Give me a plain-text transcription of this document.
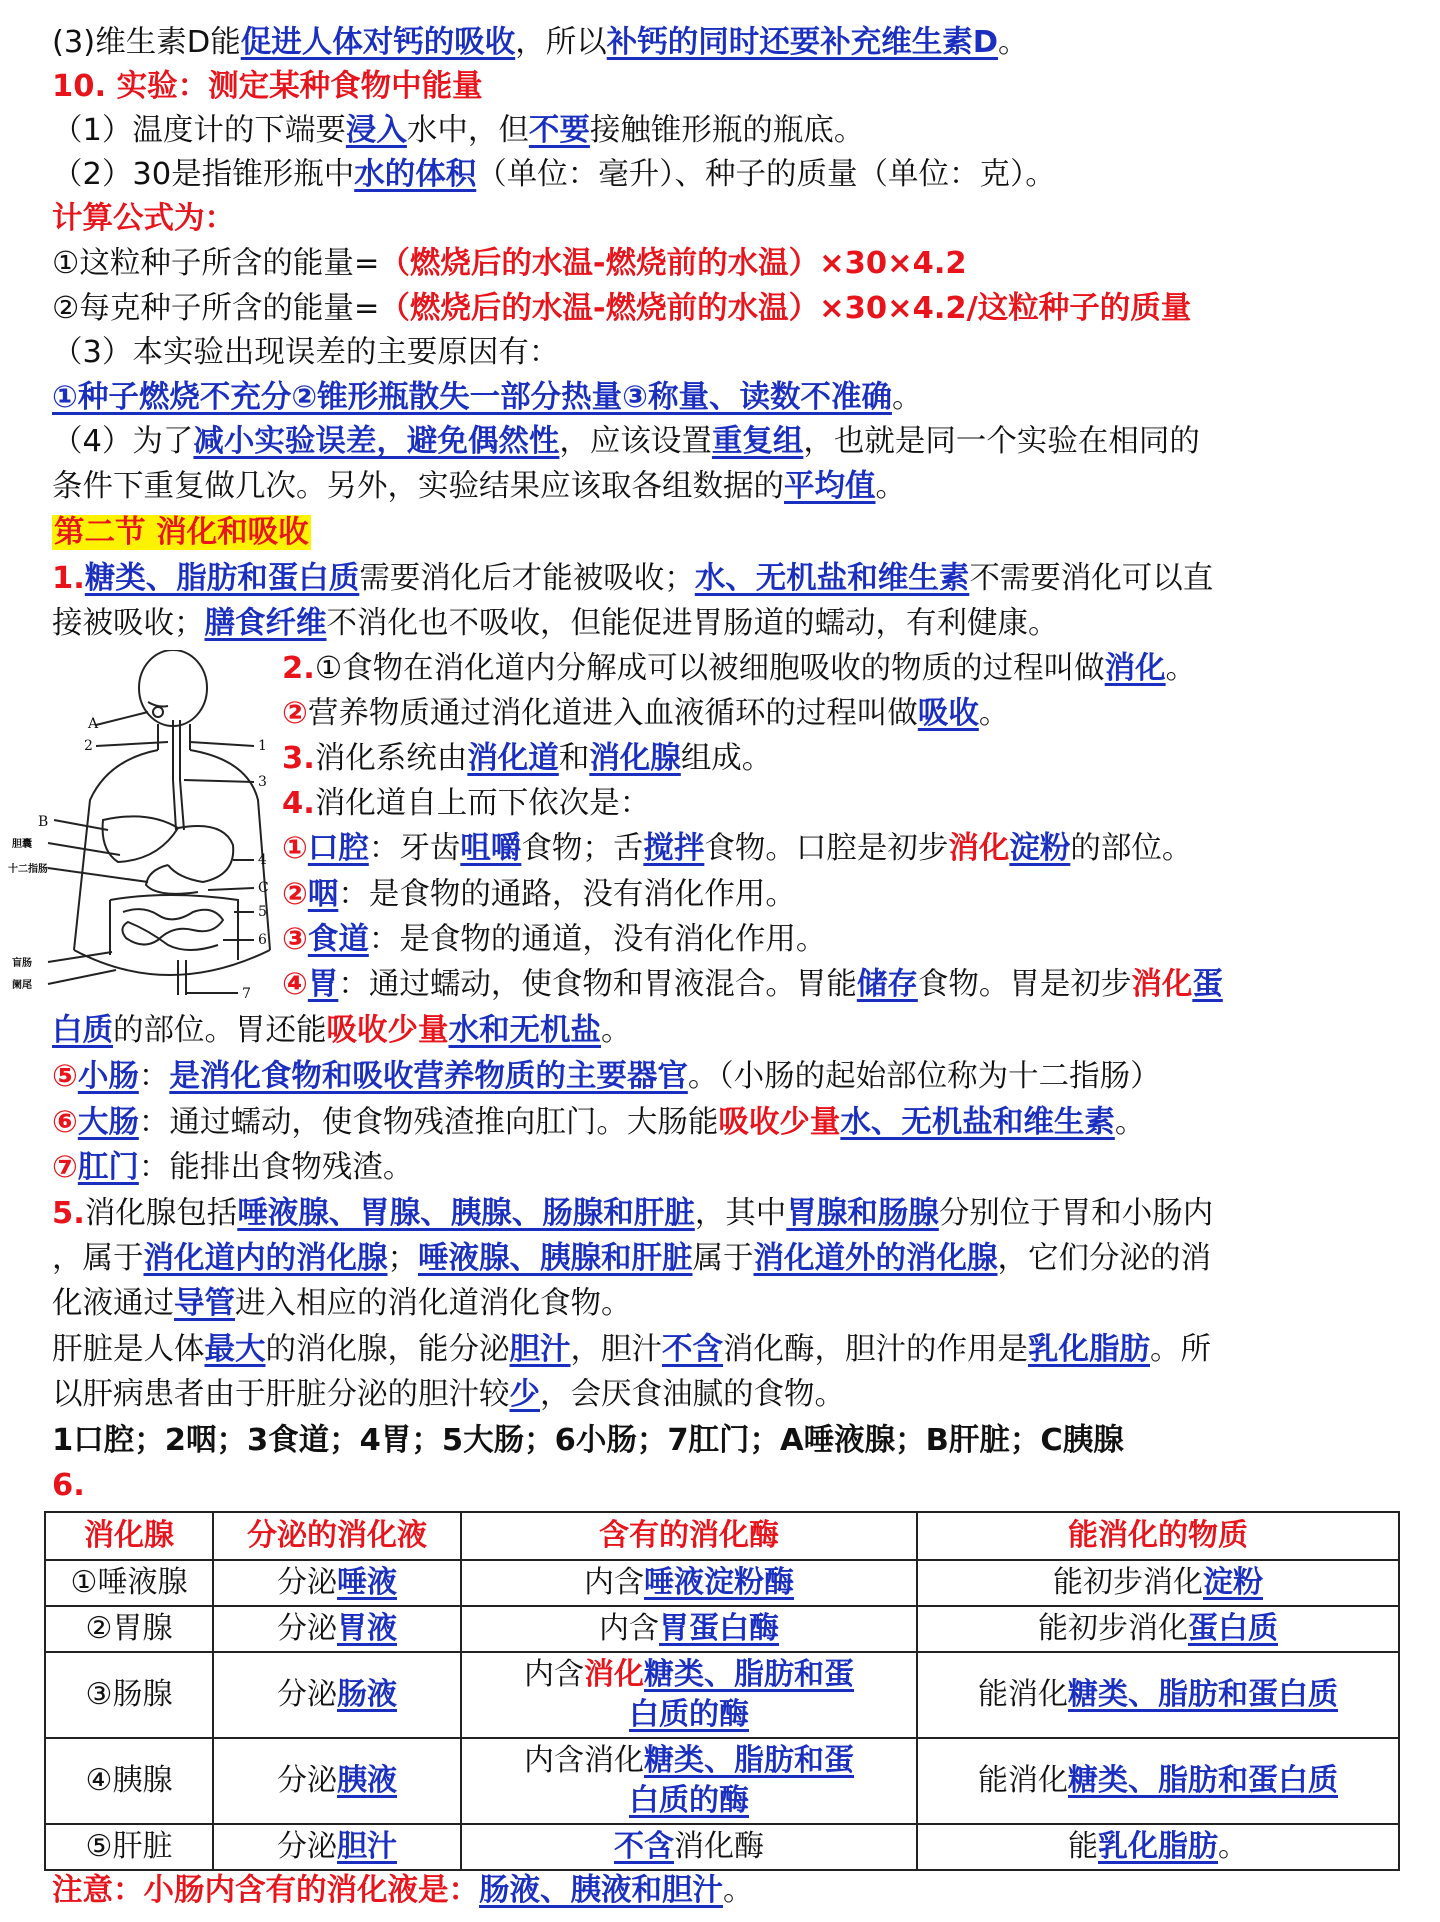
(3)维生素D能促进人体对钙的吸收，所以补钙的同时还要补充维生素D。
10. 实验：测定某种食物中能量
（1）温度计的下端要浸入水中，但不要接触锥形瓶的瓶底。
（2）30是指锥形瓶中水的体积（单位：毫升）、种子的质量（单位：克）。
计算公式为：
①这粒种子所含的能量=（燃烧后的水温-燃烧前的水温）×30×4.2
②每克种子所含的能量=（燃烧后的水温-燃烧前的水温）×30×4.2/这粒种子的质量
（3）本实验出现误差的主要原因有：
①种子燃烧不充分②锥形瓶散失一部分热量③称量、读数不准确。
（4）为了减小实验误差，避免偶然性，应该设置重复组，也就是同一个实验在相同的
条件下重复做几次。另外，实验结果应该取各组数据的平均值。
第二节 消化和吸收
1.糖类、脂肪和蛋白质需要消化后才能被吸收；水、无机盐和维生素不需要消化可以直
接被吸收；膳食纤维不消化也不吸收，但能促进胃肠道的蠕动，有利健康。
A
2	1
3
B
4
C
5
6
7
胆囊
十二指肠
盲肠
阑尾
2.①食物在消化道内分解成可以被细胞吸收的物质的过程叫做消化。
②营养物质通过消化道进入血液循环的过程叫做吸收。
3.消化系统由消化道和消化腺组成。
4.消化道自上而下依次是：
①口腔：牙齿咀嚼食物；舌搅拌食物。口腔是初步消化淀粉的部位。
②咽：是食物的通路，没有消化作用。
③食道：是食物的通道，没有消化作用。
④胃：通过蠕动，使食物和胃液混合。胃能储存食物。胃是初步消化蛋
白质的部位。胃还能吸收少量水和无机盐。
⑤小肠：是消化食物和吸收营养物质的主要器官。（小肠的起始部位称为十二指肠）
⑥大肠：通过蠕动，使食物残渣推向肛门。大肠能吸收少量水、无机盐和维生素。
⑦肛门：能排出食物残渣。
5.消化腺包括唾液腺、胃腺、胰腺、肠腺和肝脏，其中胃腺和肠腺分别位于胃和小肠内
，属于消化道内的消化腺；唾液腺、胰腺和肝脏属于消化道外的消化腺，它们分泌的消
化液通过导管进入相应的消化道消化食物。
肝脏是人体最大的消化腺，能分泌胆汁，胆汁不含消化酶，胆汁的作用是乳化脂肪。所
以肝病患者由于肝脏分泌的胆汁较少，会厌食油腻的食物。
1口腔；2咽；3食道；4胃；5大肠；6小肠；7肛门；A唾液腺；B肝脏；C胰腺
6.
消化腺	分泌的消化液	含有的消化酶	能消化的物质
①唾液腺	分泌唾液	内含唾液淀粉酶	能初步消化淀粉
②胃腺	分泌胃液	内含胃蛋白酶	能初步消化蛋白质
③肠腺	分泌肠液	内含消化糖类、脂肪和蛋白质的酶	能消化糖类、脂肪和蛋白质
④胰腺	分泌胰液	内含消化糖类、脂肪和蛋白质的酶	能消化糖类、脂肪和蛋白质
⑤肝脏	分泌胆汁	不含消化酶	能乳化脂肪。
注意：小肠内含有的消化液是：肠液、胰液和胆汁。
